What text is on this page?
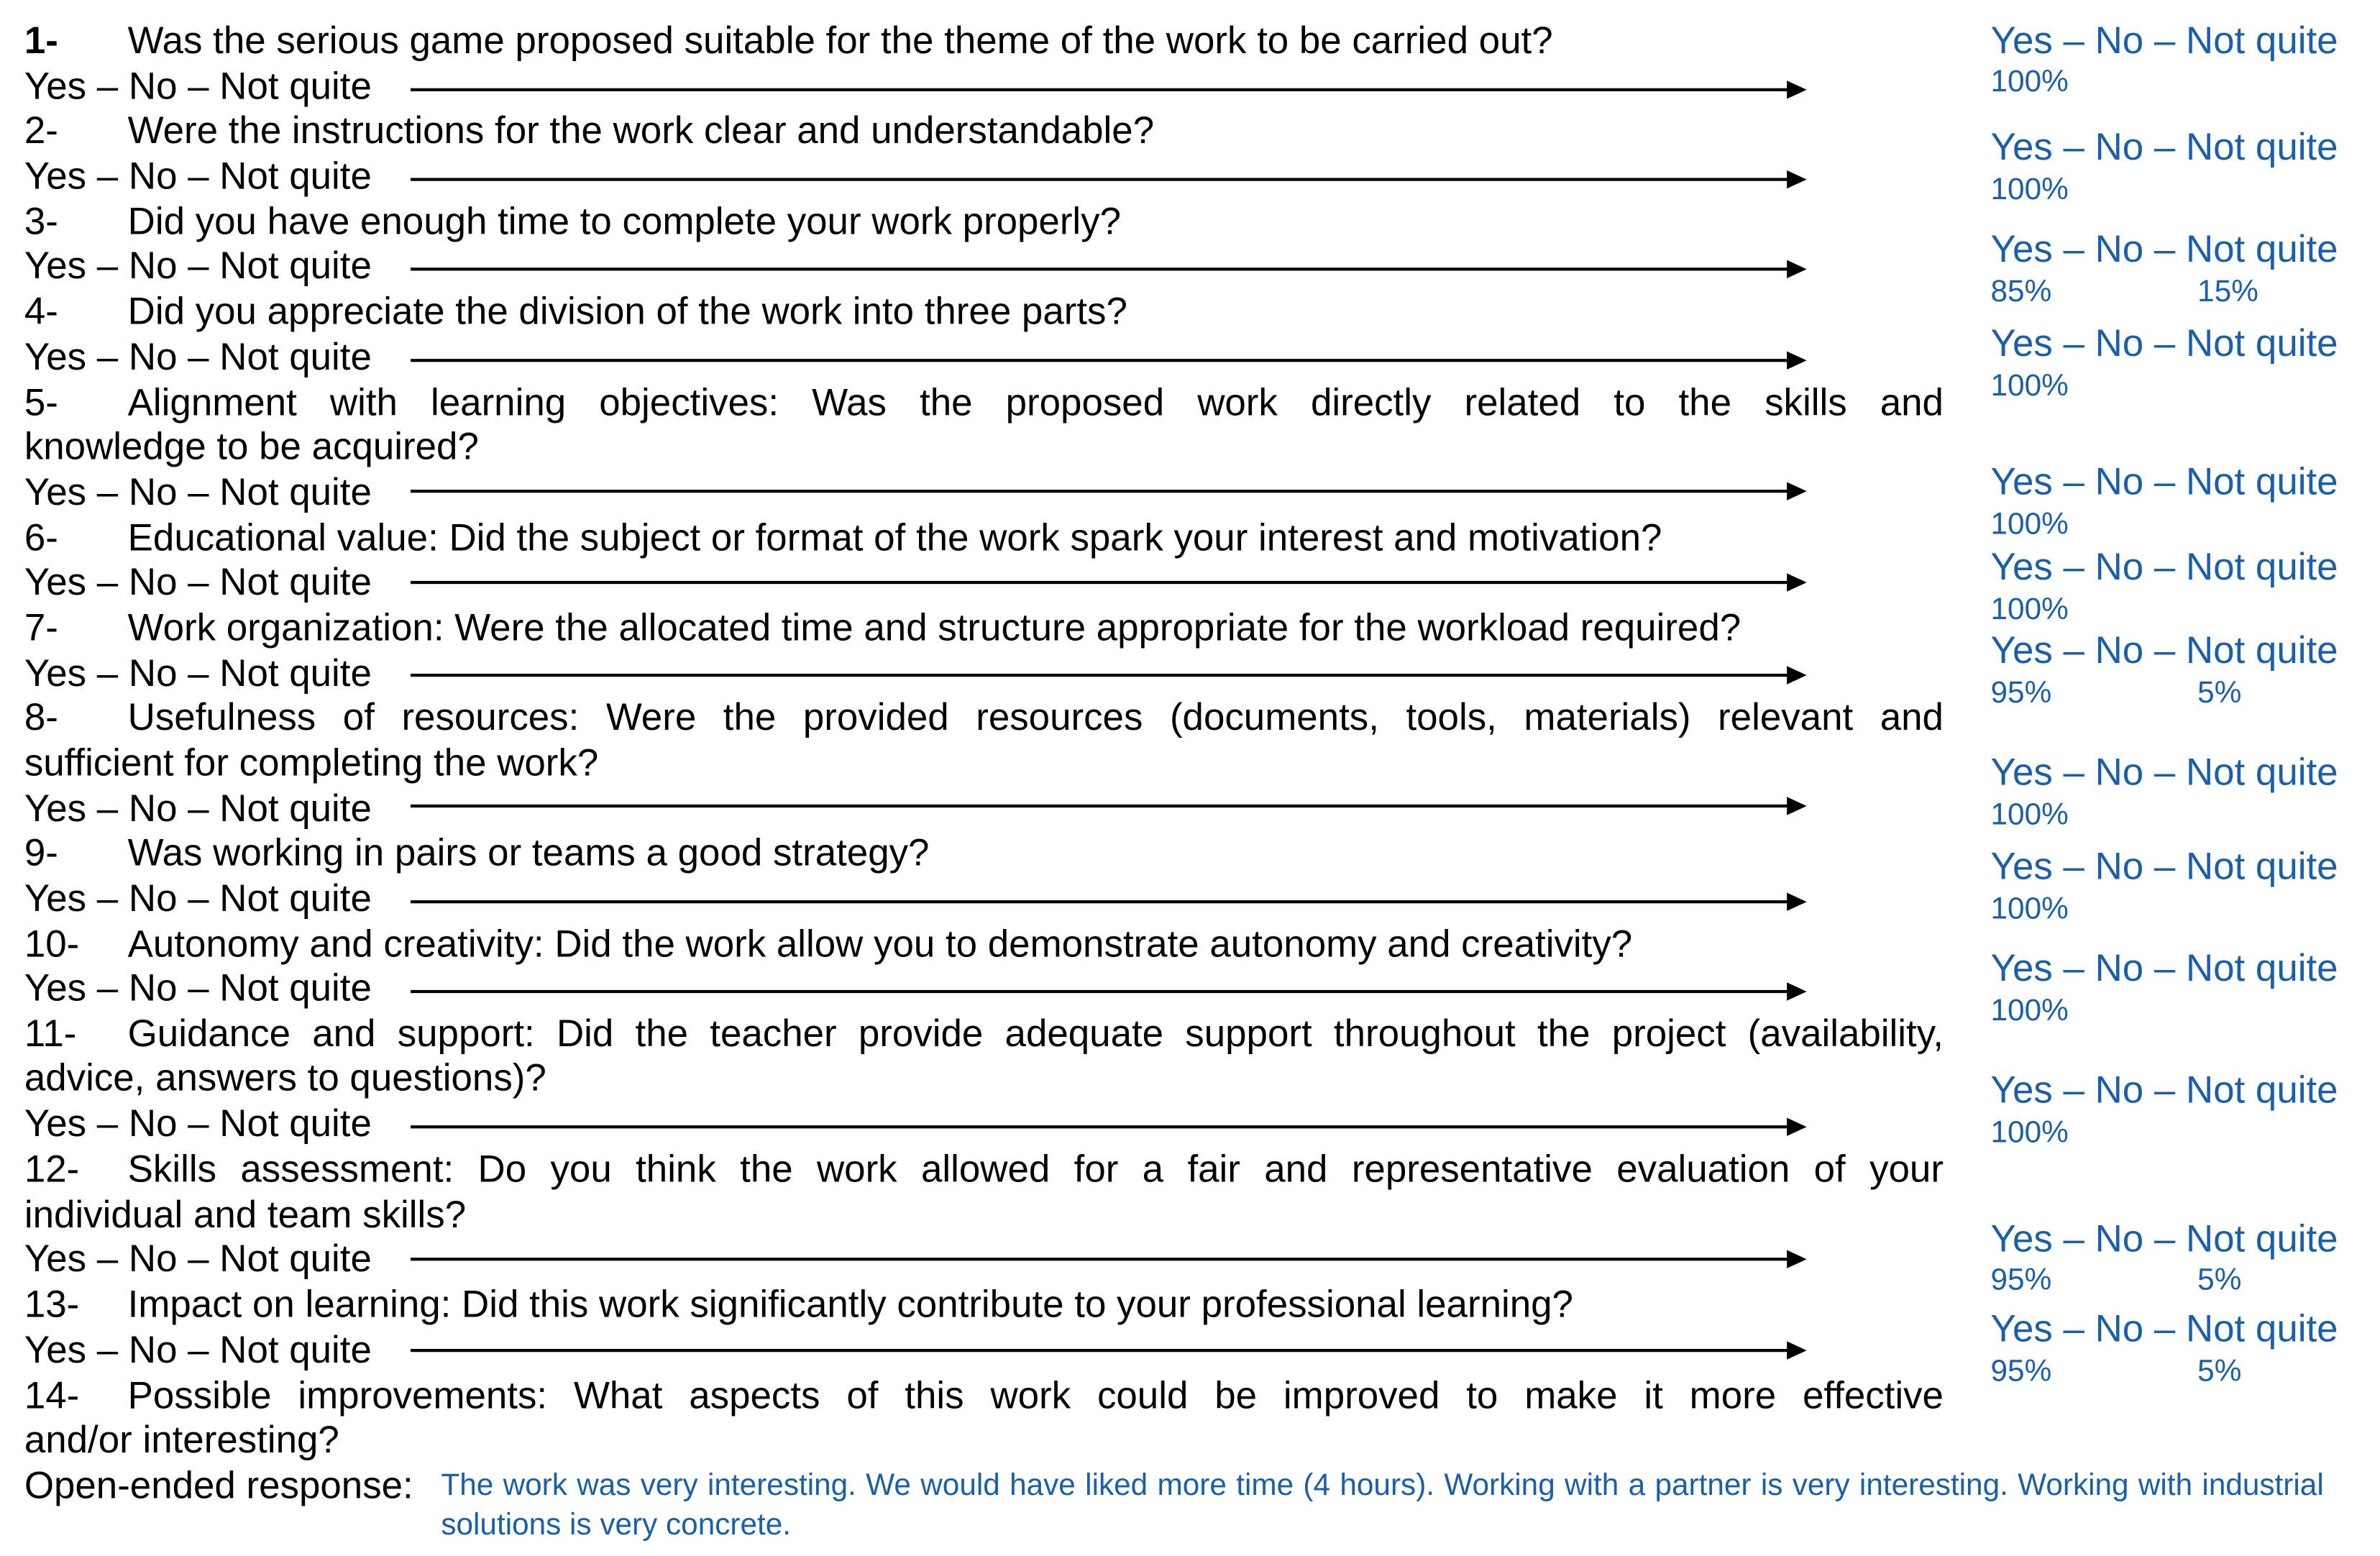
1-	Was the serious game proposed suitable for the theme of the work to be carried out?
Yes – No – Not quite
Yes – No – Not quite
100%
2-	Were the instructions for the work clear and understandable?
Yes – No – Not quite
Yes – No – Not quite
100%
3-	Did you have enough time to complete your work properly?
Yes – No – Not quite	Yes – No – Not quite
85%	15%
4-	Did you appreciate the division of the work into three parts?
Yes – No – Not quite	Yes – No – Not quite
100%
5-	Alignment with learning objectives: Was the proposed work directly related to the skills and
knowledge to be acquired?
Yes – No – Not quite	Yes – No – Not quite
100%
6-	Educational value: Did the subject or format of the work spark your interest and motivation?
Yes – No – Not quite	Yes – No – Not quite
100%
7-	Work organization: Were the allocated time and structure appropriate for the workload required?
Yes – No – Not quite
Yes – No – Not quite
95%	5%
8-	Usefulness of resources: Were the provided resources (documents, tools, materials) relevant and
sufficient for completing the work?
Yes – No – Not quite
Yes – No – Not quite
100%
9-	Was working in pairs or teams a good strategy?
Yes – No – Not quite
Yes – No – Not quite
100%
10-	Autonomy and creativity: Did the work allow you to demonstrate autonomy and creativity?
Yes – No – Not quite	Yes – No – Not quite
100%
11-	Guidance and support: Did the teacher provide adequate support throughout the project (availability,
advice, answers to questions)?
Yes – No – Not quite
Yes – No – Not quite
100%
12-	Skills assessment: Do you think the work allowed for a fair and representative evaluation of your
individual and team skills?
Yes – No – Not quite	Yes – No – Not quite
95%	5%
13-	Impact on learning: Did this work significantly contribute to your professional learning?
Yes – No – Not quite	Yes – No – Not quite
95%	5%
14-	Possible improvements: What aspects of this work could be improved to make it more effective
and/or interesting?
Open-ended response: The work was very interesting. We would have liked more time (4 hours). Working with a partner is very interesting. Working with industrial solutions is very concrete.
